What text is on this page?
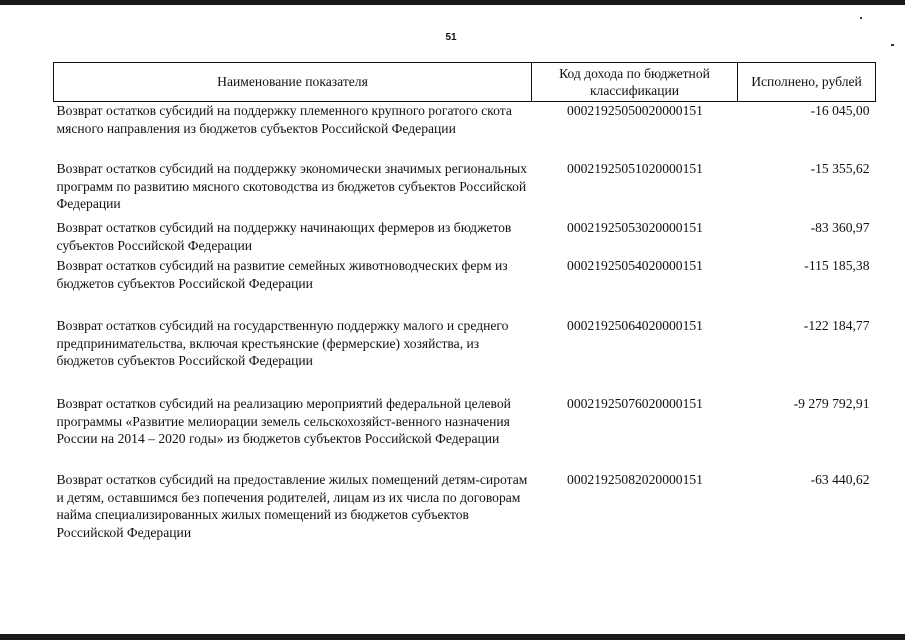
51
Наименование показателя	Код дохода по бюджетной классификации	Исполнено, рублей
Возврат остатков субсидий на поддержку племенного крупного рогатого скота мясного направления из бюджетов субъектов Российской Федерации	00021925050020000151	-16 045,00
Возврат остатков субсидий на поддержку экономически значимых региональных программ по развитию мясного скотоводства из бюджетов субъектов Российской Федерации	00021925051020000151	-15 355,62
Возврат остатков субсидий на поддержку начинающих фермеров из бюджетов субъектов Российской Федерации	00021925053020000151	-83 360,97
Возврат остатков субсидий на развитие семейных животноводческих ферм из бюджетов субъектов Российской Федерации	00021925054020000151	-115 185,38
Возврат остатков субсидий на государственную поддержку малого и среднего предпринимательства, включая крестьянские (фермерские) хозяйства, из бюджетов субъектов Российской Федерации	00021925064020000151	-122 184,77
Возврат остатков субсидий на реализацию мероприятий федеральной целевой программы «Развитие мелиорации земель сельскохозяйст-венного назначения России на 2014 – 2020 годы» из бюджетов субъектов Российской Федерации	00021925076020000151	-9 279 792,91
Возврат остатков субсидий на предоставление жилых помещений детям-сиротам и детям, оставшимся без попечения родителей, лицам из их числа по договорам найма специализированных жилых помещений из бюджетов субъектов Российской Федерации	00021925082020000151	-63 440,62
